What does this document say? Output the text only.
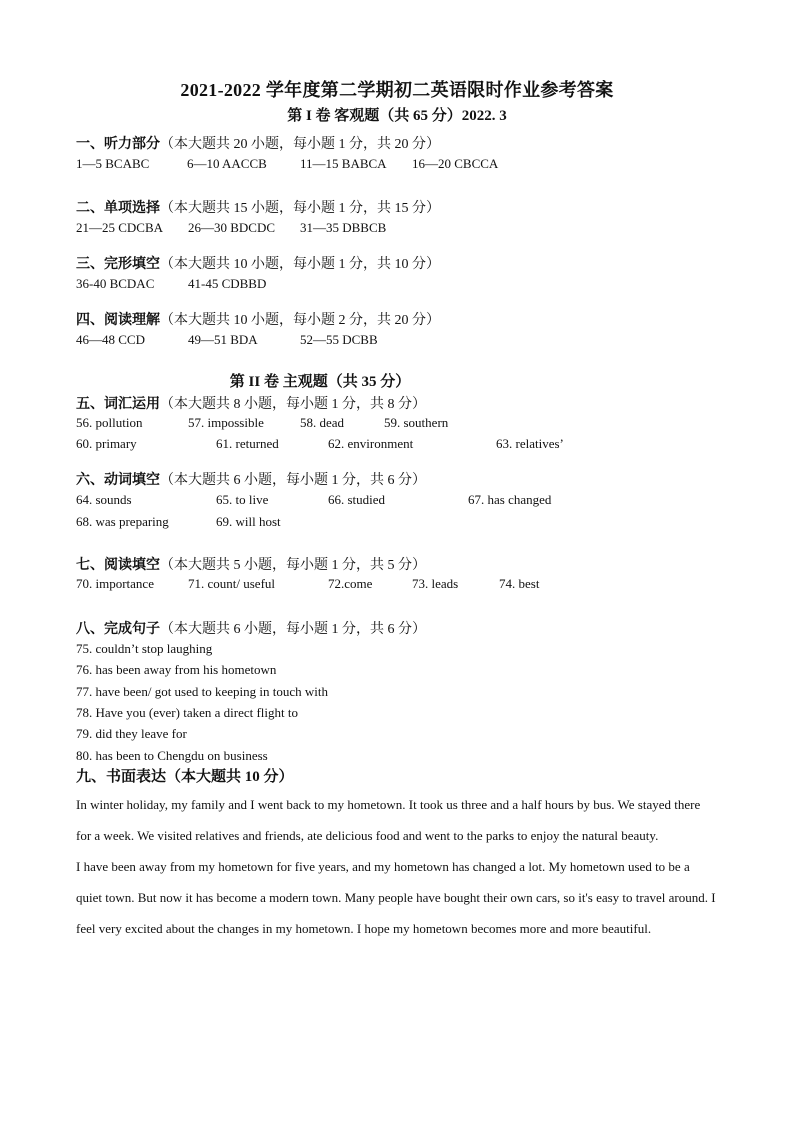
2021-2022 学年度第二学期初二英语限时作业参考答案
第 I 卷 客观题（共 65 分）2022. 3
一、听力部分（本大题共 20 小题，每小题 1 分，共 20 分）
1—5 BCABC	6—10 AACCB	11—15 BABCA 16—20 CBCCA
二、单项选择（本大题共 15 小题，每小题 1 分，共 15 分）
21—25 CDCBA 26—30 BDCDC 31—35 DBBCB
三、完形填空（本大题共 10 小题，每小题 1 分，共 10 分）
36-40 BCDAC	41-45 CDBBD
四、阅读理解（本大题共 10 小题，每小题 2 分，共 20 分）
46—48 CCD	49—51 BDA	52—55 DCBB
第 II 卷 主观题（共 35 分）
五、词汇运用（本大题共 8 小题，每小题 1 分，共 8 分）
56. pollution	57. impossible	58. dead	59. southern
60. primary	61. returned	62. environment	63. relatives’
六、动词填空（本大题共 6 小题，每小题 1 分，共 6 分）
64. sounds	65. to live	66. studied	67. has changed
68. was preparing	69. will host
七、阅读填空（本大题共 5 小题，每小题 1 分，共 5 分）
70. importance	71. count/ useful	72.come	73. leads	74. best
八、完成句子（本大题共 6 小题，每小题 1 分，共 6 分）
75. couldn’t stop laughing
76. has been away from his hometown
77. have been/ got used to keeping in touch with
78. Have you (ever) taken a direct flight to
79. did they leave for
80. has been to Chengdu on business
九、书面表达（本大题共 10 分）

In winter holiday, my family and I went back to my hometown. It took us three and a half hours by bus. We stayed there for a week. We visited relatives and friends, ate delicious food and went to the parks to enjoy the natural beauty.

I have been away from my hometown for five years, and my hometown has changed a lot. My hometown used to be a quiet town. But now it has become a modern town. Many people have bought their own cars, so it's easy to travel around. I feel very excited about the changes in my hometown. I hope my hometown becomes more and more beautiful.
